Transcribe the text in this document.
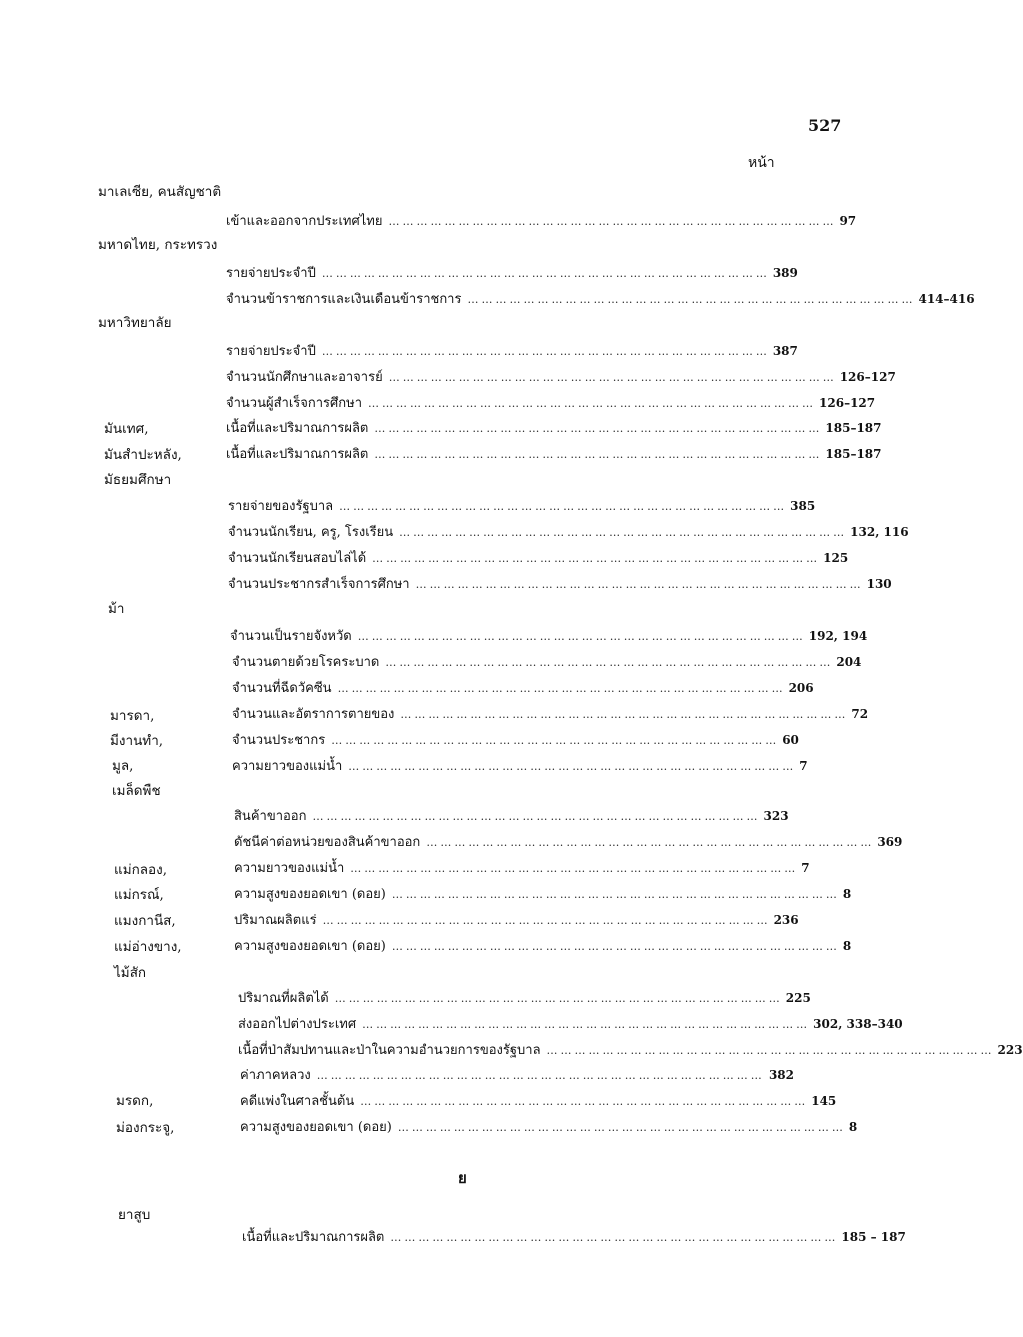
527
หน้า
มาเลเซีย, คนสัญชาติ
มหาดไทย, กระทรวง
มหาวิทยาลัย
มันเทศ,
มันสำปะหลัง,
มัธยมศึกษา
ม้า
มารดา,
มีงานทำ,
มูล,
เมล็ดพืช
แม่กลอง,
แม่กรณ์,
แมงกานีส,
แม่อ่างขาง,
ไม้สัก
มรดก,
ม่องกระจู,
ยาสูบ
เข้าและออกจากประเทศไทย …………………………………………………………………………………… 97
รายจ่ายประจำปี …………………………………………………………………………………… 389
จำนวนข้าราชการและเงินเดือนข้าราชการ …………………………………………………………………………………… 414–416
รายจ่ายประจำปี …………………………………………………………………………………… 387
จำนวนนักศึกษาและอาจารย์ …………………………………………………………………………………… 126–127
จำนวนผู้สำเร็จการศึกษา …………………………………………………………………………………… 126–127
เนื้อที่และปริมาณการผลิต …………………………………………………………………………………… 185–187
เนื้อที่และปริมาณการผลิต …………………………………………………………………………………… 185–187
รายจ่ายของรัฐบาล …………………………………………………………………………………… 385
จำนวนนักเรียน, ครู, โรงเรียน …………………………………………………………………………………… 132, 116
จำนวนนักเรียนสอบไล่ได้ …………………………………………………………………………………… 125
จำนวนประชากรสำเร็จการศึกษา …………………………………………………………………………………… 130
จำนวนเป็นรายจังหวัด …………………………………………………………………………………… 192, 194
จำนวนตายด้วยโรคระบาด …………………………………………………………………………………… 204
จำนวนที่ฉีดวัคซีน …………………………………………………………………………………… 206
จำนวนและอัตราการตายของ …………………………………………………………………………………… 72
จำนวนประชากร …………………………………………………………………………………… 60
ความยาวของแม่น้ำ …………………………………………………………………………………… 7
สินค้าขาออก …………………………………………………………………………………… 323
ดัชนีค่าต่อหน่วยของสินค้าขาออก …………………………………………………………………………………… 369
ความยาวของแม่น้ำ …………………………………………………………………………………… 7
ความสูงของยอดเขา (ดอย) …………………………………………………………………………………… 8
ปริมาณผลิตแร่ …………………………………………………………………………………… 236
ความสูงของยอดเขา (ดอย) …………………………………………………………………………………… 8
ปริมาณที่ผลิตได้ …………………………………………………………………………………… 225
ส่งออกไปต่างประเทศ …………………………………………………………………………………… 302, 338–340
เนื้อที่ป่าสัมปทานและป่าในความอำนวยการของรัฐบาล …………………………………………………………………………………… 223
ค่าภาคหลวง …………………………………………………………………………………… 382
คดีแพ่งในศาลชั้นต้น …………………………………………………………………………………… 145
ความสูงของยอดเขา (ดอย) …………………………………………………………………………………… 8
ย
เนื้อที่และปริมาณการผลิต …………………………………………………………………………………… 185 – 187
